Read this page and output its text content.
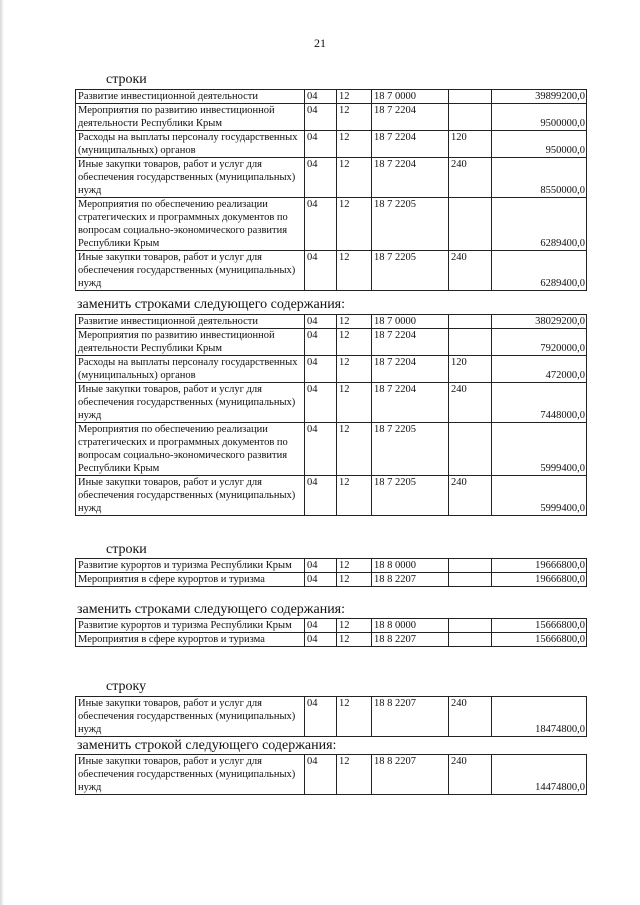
21
строки
Развитие инвестиционной деятельности	04	12	18 7 0000		39899200,0
Мероприятия по развитию инвестиционной деятельности Республики Крым	04	12	18 7 2204		9500000,0
Расходы на выплаты персоналу государственных (муниципальных) органов	04	12	18 7 2204	120	950000,0
Иные закупки товаров, работ и услуг для обеспечения государственных (муниципальных) нужд	04	12	18 7 2204	240	8550000,0
Мероприятия по обеспечению реализации стратегических и программных документов по вопросам социально-экономического развития Республики Крым	04	12	18 7 2205		6289400,0
Иные закупки товаров, работ и услуг для обеспечения государственных (муниципальных) нужд	04	12	18 7 2205	240	6289400,0
заменить строками следующего содержания:
Развитие инвестиционной деятельности	04	12	18 7 0000		38029200,0
Мероприятия по развитию инвестиционной деятельности Республики Крым	04	12	18 7 2204		7920000,0
Расходы на выплаты персоналу государственных (муниципальных) органов	04	12	18 7 2204	120	472000,0
Иные закупки товаров, работ и услуг для обеспечения государственных (муниципальных) нужд	04	12	18 7 2204	240	7448000,0
Мероприятия по обеспечению реализации стратегических и программных документов по вопросам социально-экономического развития Республики Крым	04	12	18 7 2205		5999400,0
Иные закупки товаров, работ и услуг для обеспечения государственных (муниципальных) нужд	04	12	18 7 2205	240	5999400,0
строки
Развитие курортов и туризма Республики Крым	04	12	18 8 0000		19666800,0
Мероприятия в сфере курортов и туризма	04	12	18 8 2207		19666800,0
заменить строками следующего содержания:
Развитие курортов и туризма Республики Крым	04	12	18 8 0000		15666800,0
Мероприятия в сфере курортов и туризма	04	12	18 8 2207		15666800,0
строку
Иные закупки товаров, работ и услуг для обеспечения государственных (муниципальных) нужд	04	12	18 8 2207	240	18474800,0
заменить строкой следующего содержания:
Иные закупки товаров, работ и услуг для обеспечения государственных (муниципальных) нужд	04	12	18 8 2207	240	14474800,0
